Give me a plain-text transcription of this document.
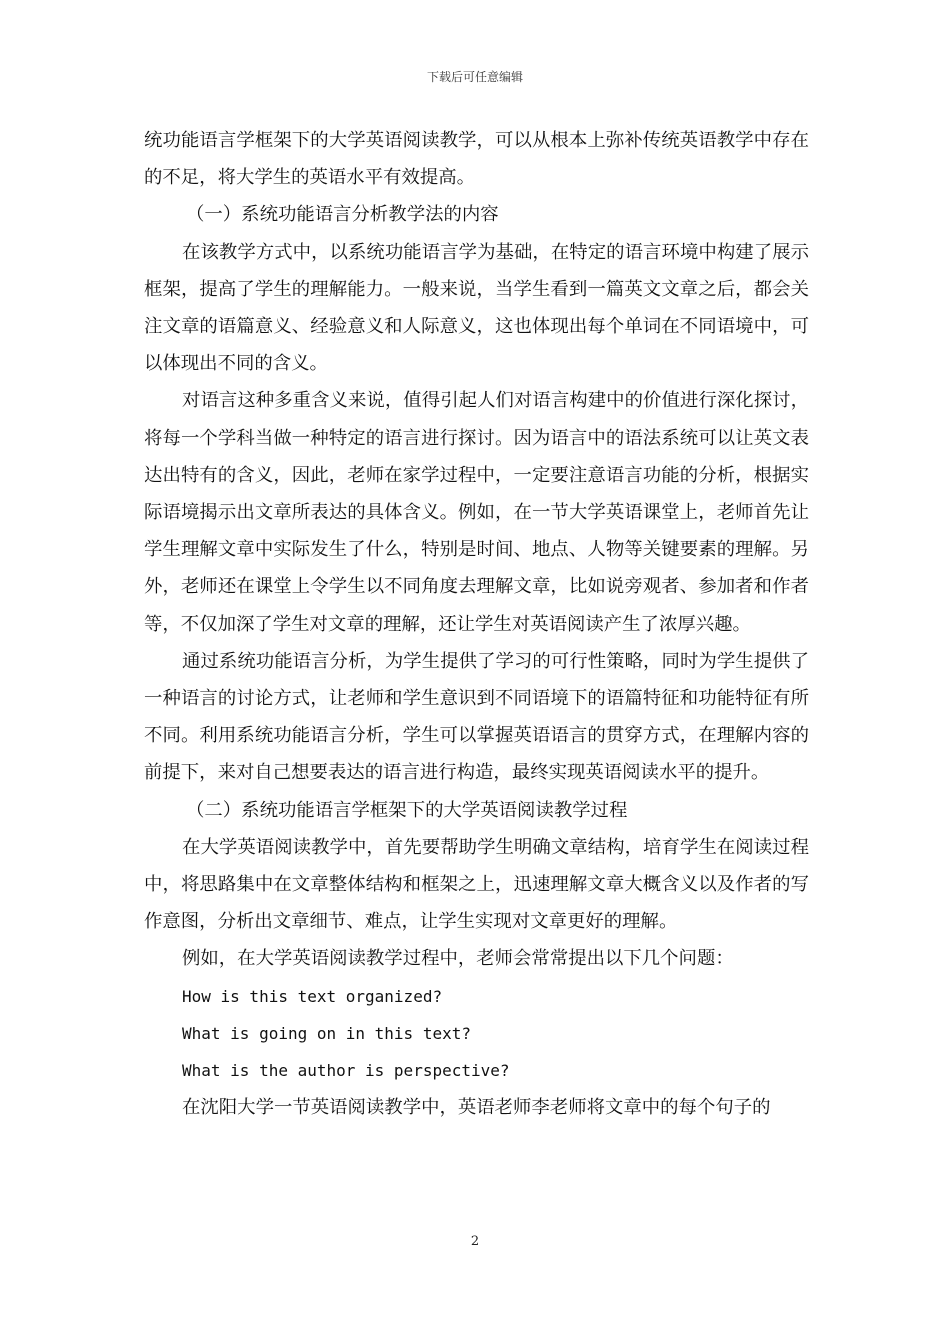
下载后可任意编辑

统功能语言学框架下的大学英语阅读教学，可以从根本上弥补传统英语教学中存在的不足，将大学生的英语水平有效提高。

（一）系统功能语言分析教学法的内容

在该教学方式中，以系统功能语言学为基础，在特定的语言环境中构建了展示框架，提高了学生的理解能力。一般来说，当学生看到一篇英文文章之后，都会关注文章的语篇意义、经验意义和人际意义，这也体现出每个单词在不同语境中，可以体现出不同的含义。

对语言这种多重含义来说，值得引起人们对语言构建中的价值进行深化探讨，将每一个学科当做一种特定的语言进行探讨。因为语言中的语法系统可以让英文表达出特有的含义，因此，老师在家学过程中，一定要注意语言功能的分析，根据实际语境揭示出文章所表达的具体含义。例如，在一节大学英语课堂上，老师首先让学生理解文章中实际发生了什么，特别是时间、地点、人物等关键要素的理解。另外，老师还在课堂上令学生以不同角度去理解文章，比如说旁观者、参加者和作者等，不仅加深了学生对文章的理解，还让学生对英语阅读产生了浓厚兴趣。

通过系统功能语言分析，为学生提供了学习的可行性策略，同时为学生提供了一种语言的讨论方式，让老师和学生意识到不同语境下的语篇特征和功能特征有所不同。利用系统功能语言分析，学生可以掌握英语语言的贯穿方式，在理解内容的前提下，来对自己想要表达的语言进行构造，最终实现英语阅读水平的提升。

（二）系统功能语言学框架下的大学英语阅读教学过程

在大学英语阅读教学中，首先要帮助学生明确文章结构，培育学生在阅读过程中，将思路集中在文章整体结构和框架之上，迅速理解文章大概含义以及作者的写作意图，分析出文章细节、难点，让学生实现对文章更好的理解。

例如，在大学英语阅读教学过程中，老师会常常提出以下几个问题：

How is this text organized?

What is going on in this text?

What is the author is perspective?

在沈阳大学一节英语阅读教学中，英语老师李老师将文章中的每个句子的

2
